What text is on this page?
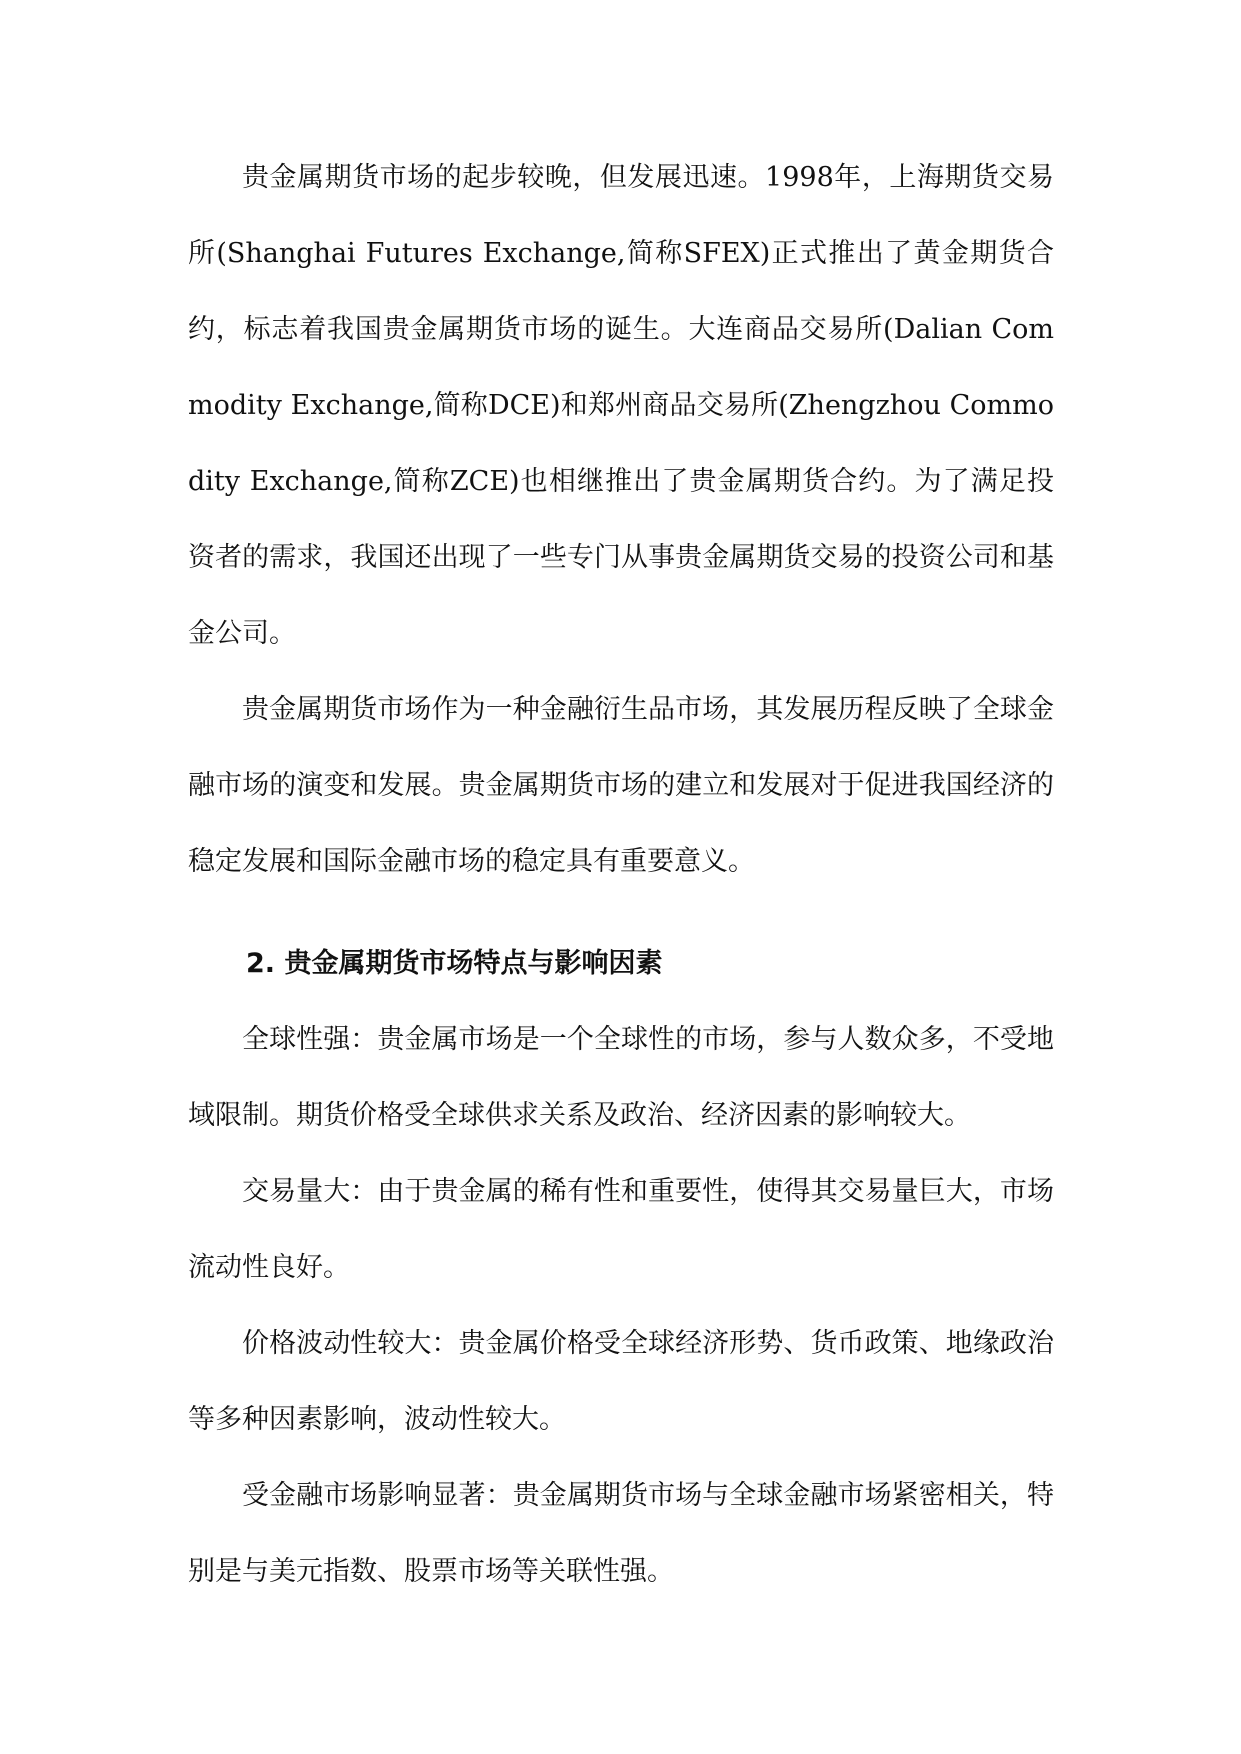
贵金属期货市场的起步较晚，但发展迅速。1998年，上海期货交易所(Shanghai Futures Exchange,简称SFEX)正式推出了黄金期货合约，标志着我国贵金属期货市场的诞生。大连商品交易所(Dalian Commodity Exchange,简称DCE)和郑州商品交易所(Zhengzhou Commodity Exchange,简称ZCE)也相继推出了贵金属期货合约。为了满足投资者的需求，我国还出现了一些专门从事贵金属期货交易的投资公司和基金公司。

贵金属期货市场作为一种金融衍生品市场，其发展历程反映了全球金融市场的演变和发展。贵金属期货市场的建立和发展对于促进我国经济的稳定发展和国际金融市场的稳定具有重要意义。

2. 贵金属期货市场特点与影响因素

全球性强：贵金属市场是一个全球性的市场，参与人数众多，不受地域限制。期货价格受全球供求关系及政治、经济因素的影响较大。

交易量大：由于贵金属的稀有性和重要性，使得其交易量巨大，市场流动性良好。

价格波动性较大：贵金属价格受全球经济形势、货币政策、地缘政治等多种因素影响，波动性较大。

受金融市场影响显著：贵金属期货市场与全球金融市场紧密相关，特别是与美元指数、股票市场等关联性强。
